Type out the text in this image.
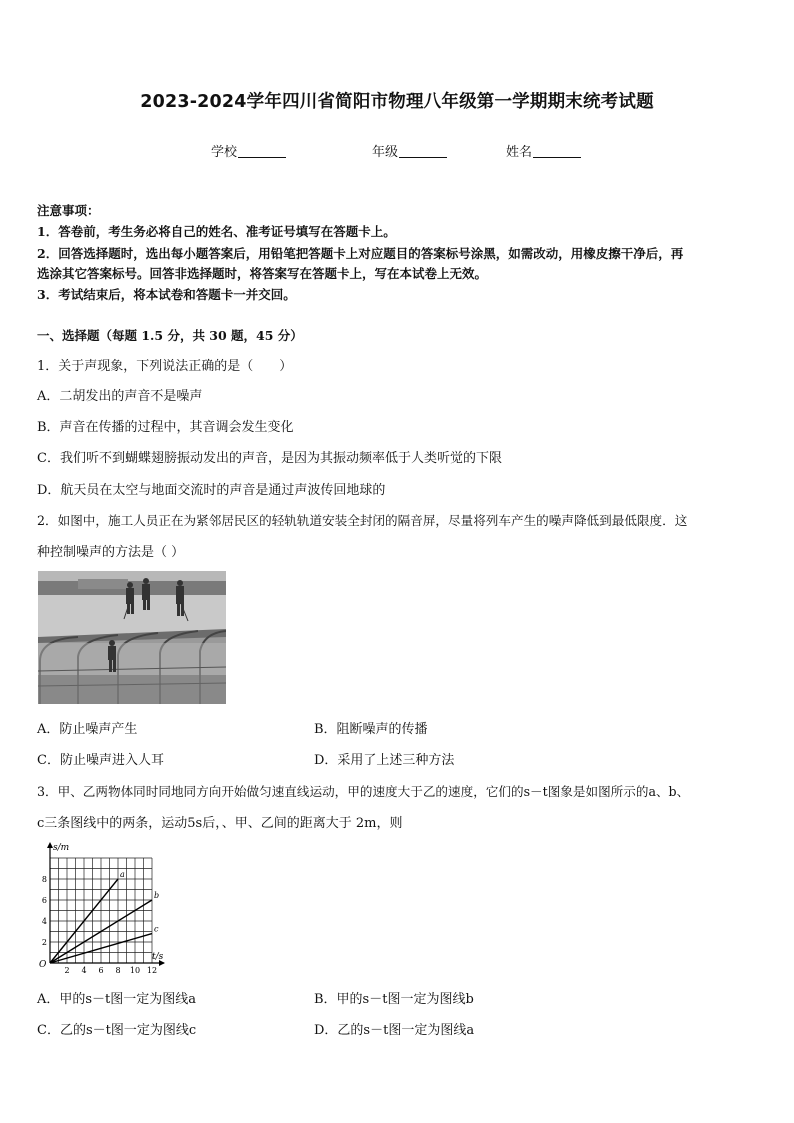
2023-2024学年四川省简阳市物理八年级第一学期期末统考试题
学校	年级	姓名
注意事项：
1．答卷前，考生务必将自己的姓名、准考证号填写在答题卡上。
2．回答选择题时，选出每小题答案后，用铅笔把答题卡上对应题目的答案标号涂黑，如需改动，用橡皮擦干净后，再
选涂其它答案标号。回答非选择题时，将答案写在答题卡上，写在本试卷上无效。
3．考试结束后，将本试卷和答题卡一并交回。
一、选择题（每题 1.5 分，共 30 题，45 分）
1．关于声现象，下列说法正确的是（　　）
A．二胡发出的声音不是噪声
B．声音在传播的过程中，其音调会发生变化
C．我们听不到蝴蝶翅膀振动发出的声音，是因为其振动频率低于人类听觉的下限
D．航天员在太空与地面交流时的声音是通过声波传回地球的
2．如图中，施工人员正在为紧邻居民区的轻轨轨道安装全封闭的隔音屏，尽量将列车产生的噪声降低到最低限度．这
种控制噪声的方法是（ ）
A．防止噪声产生	B．阻断噪声的传播
C．防止噪声进入人耳	D．采用了上述三种方法
3．甲、乙两物体同时同地同方向开始做匀速直线运动，甲的速度大于乙的速度，它们的s－t图象是如图所示的a、b、
c三条图线中的两条，运动5s后，、甲、乙间的距离大于 2m，则
2
4
6
8
2 4 6 8 10 12
a
b
c
s/m
t/s
O
A．甲的s－t图一定为图线a	B．甲的s－t图一定为图线b
C．乙的s－t图一定为图线c	D．乙的s－t图一定为图线a
